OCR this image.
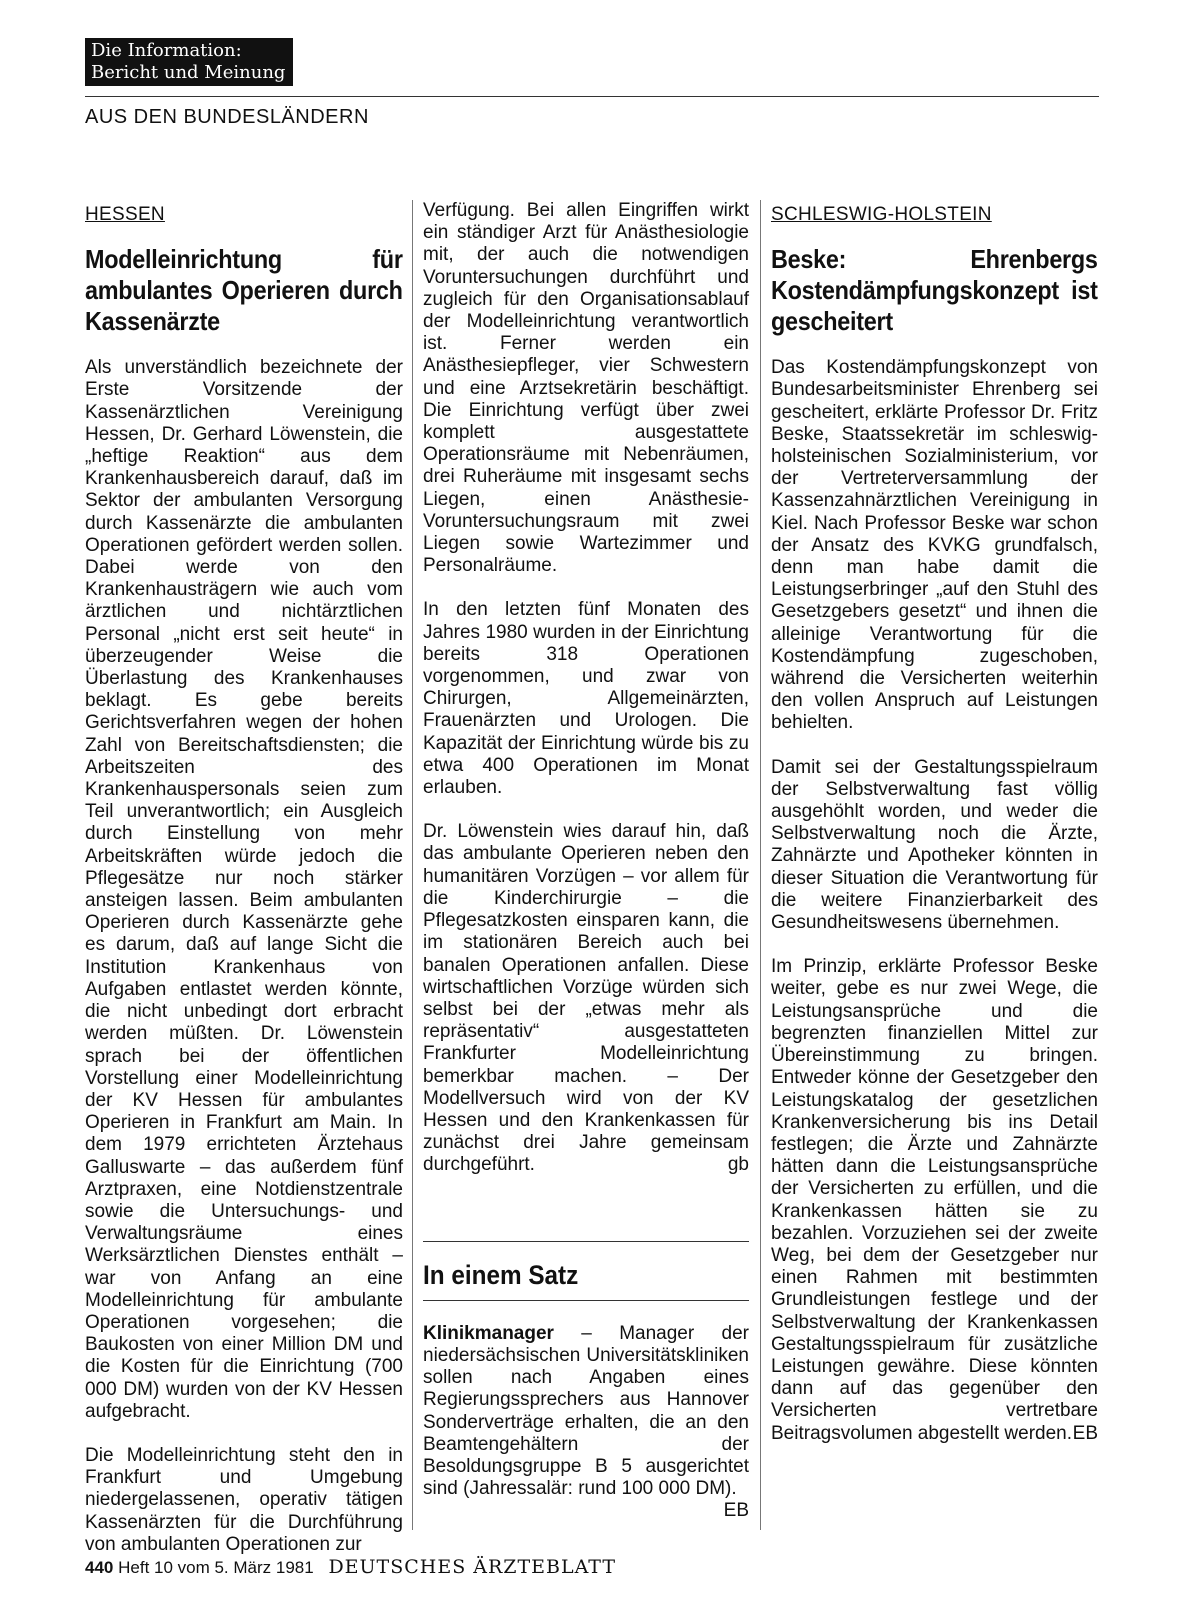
Die Information:
Bericht und Meinung
AUS DEN BUNDESLÄNDERN
HESSEN
Modelleinrichtung für ambulantes Operieren durch Kassenärzte

Als unverständlich bezeichnete der Erste Vorsitzende der Kassenärztlichen Vereinigung Hessen, Dr. Gerhard Löwenstein, die „heftige Reaktion“ aus dem Krankenhausbereich darauf, daß im Sektor der ambulanten Versorgung durch Kassenärzte die ambulanten Operationen gefördert werden sollen. Dabei werde von den Krankenhausträgern wie auch vom ärztlichen und nichtärztlichen Personal „nicht erst seit heute“ in überzeugender Weise die Überlastung des Krankenhauses beklagt. Es gebe bereits Gerichtsverfahren wegen der hohen Zahl von Bereitschaftsdiensten; die Arbeitszeiten des Krankenhauspersonals seien zum Teil unverantwortlich; ein Ausgleich durch Einstellung von mehr Arbeitskräften würde jedoch die Pflegesätze nur noch stärker ansteigen lassen. Beim ambulanten Operieren durch Kassenärzte gehe es darum, daß auf lange Sicht die Institution Krankenhaus von Aufgaben entlastet werden könnte, die nicht unbedingt dort erbracht werden müßten. Dr. Löwenstein sprach bei der öffentlichen Vorstellung einer Modelleinrichtung der KV Hessen für ambulantes Operieren in Frankfurt am Main. In dem 1979 errichteten Ärztehaus Galluswarte – das außerdem fünf Arztpraxen, eine Notdienstzentrale sowie die Untersuchungs- und Verwaltungsräume eines Werksärztlichen Dienstes enthält – war von Anfang an eine Modelleinrichtung für ambulante Operationen vorgesehen; die Baukosten von einer Million DM und die Kosten für die Einrichtung (700 000 DM) wurden von der KV Hessen aufgebracht.

Die Modelleinrichtung steht den in Frankfurt und Umgebung niedergelassenen, operativ tätigen Kassenärzten für die Durchführung von ambulanten Operationen zur

Verfügung. Bei allen Eingriffen wirkt ein ständiger Arzt für Anästhesiologie mit, der auch die notwendigen Voruntersuchungen durchführt und zugleich für den Organisationsablauf der Modelleinrichtung verantwortlich ist. Ferner werden ein Anästhesiepfleger, vier Schwestern und eine Arztsekretärin beschäftigt. Die Einrichtung verfügt über zwei komplett ausgestattete Operationsräume mit Nebenräumen, drei Ruheräume mit insgesamt sechs Liegen, einen Anästhesie-Voruntersuchungsraum mit zwei Liegen sowie Wartezimmer und Personalräume.

In den letzten fünf Monaten des Jahres 1980 wurden in der Einrichtung bereits 318 Operationen vorgenommen, und zwar von Chirurgen, Allgemeinärzten, Frauenärzten und Urologen. Die Kapazität der Einrichtung würde bis zu etwa 400 Operationen im Monat erlauben.

Dr. Löwenstein wies darauf hin, daß das ambulante Operieren neben den humanitären Vorzügen – vor allem für die Kinderchirurgie – die Pflegesatzkosten einsparen kann, die im stationären Bereich auch bei banalen Operationen anfallen. Diese wirtschaftlichen Vorzüge würden sich selbst bei der „etwas mehr als repräsentativ“ ausgestatteten Frankfurter Modelleinrichtung bemerkbar machen. – Der Modellversuch wird von der KV Hessen und den Krankenkassen für zunächst drei Jahre gemeinsam durchgeführt.	gb

In einem Satz

Klinikmanager – Manager der niedersächsischen Universitätskliniken sollen nach Angaben eines Regierungssprechers aus Hannover Sonderverträge erhalten, die an den Beamtengehältern der Besoldungsgruppe B 5 ausgerichtet sind (Jahressalär: rund 100 000 DM).
EB

SCHLESWIG-HOLSTEIN
Beske: Ehrenbergs Kostendämpfungskonzept ist gescheitert

Das Kostendämpfungskonzept von Bundesarbeitsminister Ehrenberg sei gescheitert, erklärte Professor Dr. Fritz Beske, Staatssekretär im schleswig-holsteinischen Sozialministerium, vor der Vertreterversammlung der Kassenzahnärztlichen Vereinigung in Kiel. Nach Professor Beske war schon der Ansatz des KVKG grundfalsch, denn man habe damit die Leistungserbringer „auf den Stuhl des Gesetzgebers gesetzt“ und ihnen die alleinige Verantwortung für die Kostendämpfung zugeschoben, während die Versicherten weiterhin den vollen Anspruch auf Leistungen behielten.

Damit sei der Gestaltungsspielraum der Selbstverwaltung fast völlig ausgehöhlt worden, und weder die Selbstverwaltung noch die Ärzte, Zahnärzte und Apotheker könnten in dieser Situation die Verantwortung für die weitere Finanzierbarkeit des Gesundheitswesens übernehmen.

Im Prinzip, erklärte Professor Beske weiter, gebe es nur zwei Wege, die Leistungsansprüche und die begrenzten finanziellen Mittel zur Übereinstimmung zu bringen. Entweder könne der Gesetzgeber den Leistungskatalog der gesetzlichen Krankenversicherung bis ins Detail festlegen; die Ärzte und Zahnärzte hätten dann die Leistungsansprüche der Versicherten zu erfüllen, und die Krankenkassen hätten sie zu bezahlen. Vorzuziehen sei der zweite Weg, bei dem der Gesetzgeber nur einen Rahmen mit bestimmten Grundleistungen festlege und der Selbstverwaltung der Krankenkassen Gestaltungsspielraum für zusätzliche Leistungen gewähre. Diese könnten dann auf das gegenüber den Versicherten vertretbare Beitragsvolumen abgestellt werden. EB

440 Heft 10 vom 5. März 1981 DEUTSCHES ÄRZTEBLATT
